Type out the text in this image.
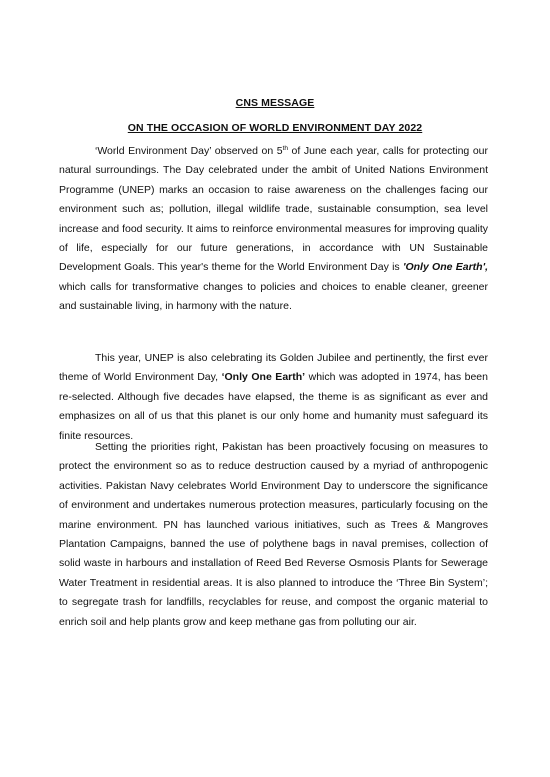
CNS MESSAGE
ON THE OCCASION OF WORLD ENVIRONMENT DAY 2022

‘World Environment Day’ observed on 5th of June each year, calls for protecting our natural surroundings. The Day celebrated under the ambit of United Nations Environment Programme (UNEP) marks an occasion to raise awareness on the challenges facing our environment such as; pollution, illegal wildlife trade, sustainable consumption, sea level increase and food security. It aims to reinforce environmental measures for improving quality of life, especially for our future generations, in accordance with UN Sustainable Development Goals. This year's theme for the World Environment Day is 'Only One Earth', which calls for transformative changes to policies and choices to enable cleaner, greener and sustainable living, in harmony with the nature.

This year, UNEP is also celebrating its Golden Jubilee and pertinently, the first ever theme of World Environment Day, ‘Only One Earth’ which was adopted in 1974, has been re-selected. Although five decades have elapsed, the theme is as significant as ever and emphasizes on all of us that this planet is our only home and humanity must safeguard its finite resources.

Setting the priorities right, Pakistan has been proactively focusing on measures to protect the environment so as to reduce destruction caused by a myriad of anthropogenic activities. Pakistan Navy celebrates World Environment Day to underscore the significance of environment and undertakes numerous protection measures, particularly focusing on the marine environment. PN has launched various initiatives, such as Trees & Mangroves Plantation Campaigns, banned the use of polythene bags in naval premises, collection of solid waste in harbours and installation of Reed Bed Reverse Osmosis Plants for Sewerage Water Treatment in residential areas. It is also planned to introduce the ‘Three Bin System’; to segregate trash for landfills, recyclables for reuse, and compost the organic material to enrich soil and help plants grow and keep methane gas from polluting our air.
